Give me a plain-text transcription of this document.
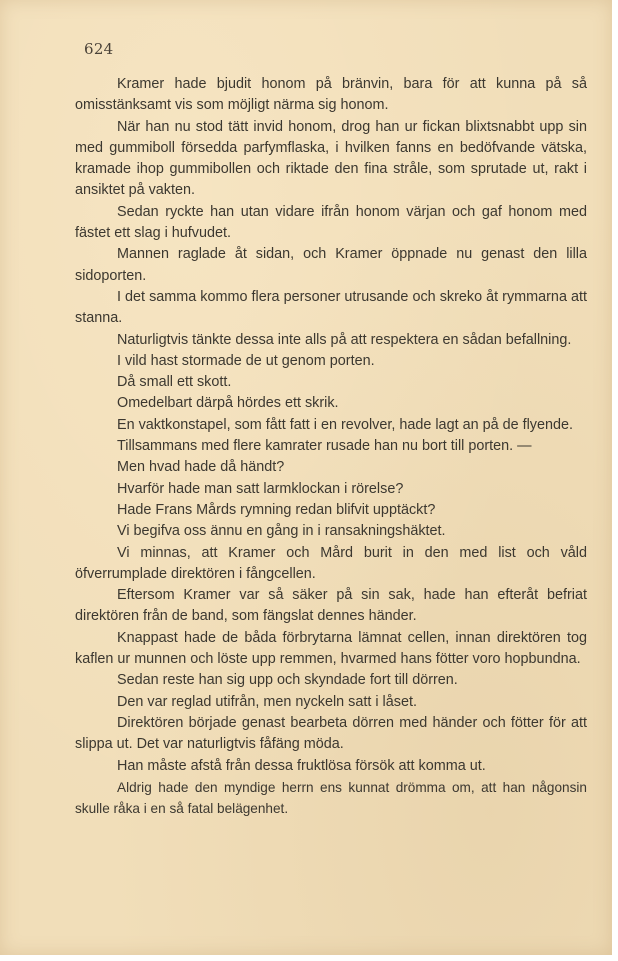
624

Kramer hade bjudit honom på bränvin, bara för att kunna på så omisstänksamt vis som möjligt närma sig honom.

När han nu stod tätt invid honom, drog han ur fickan blixtsnabbt upp sin med gummiboll försedda parfymflaska, i hvilken fanns en bedöfvande vätska, kramade ihop gummibollen och riktade den fina stråle, som sprutade ut, rakt i ansiktet på vakten.

Sedan ryckte han utan vidare ifrån honom värjan och gaf honom med fästet ett slag i hufvudet.

Mannen raglade åt sidan, och Kramer öppnade nu genast den lilla sidoporten.

I det samma kommo flera personer utrusande och skreko åt rymmarna att stanna.

Naturligtvis tänkte dessa inte alls på att respektera en sådan befallning.

I vild hast stormade de ut genom porten.

Då small ett skott.

Omedelbart därpå hördes ett skrik.

En vaktkonstapel, som fått fatt i en revolver, hade lagt an på de flyende.

Tillsammans med flere kamrater rusade han nu bort till porten. —

Men hvad hade då händt?

Hvarför hade man satt larmklockan i rörelse?

Hade Frans Mårds rymning redan blifvit upptäckt?

Vi begifva oss ännu en gång in i ransakningshäktet.

Vi minnas, att Kramer och Mård burit in den med list och våld öfverrumplade direktören i fångcellen.

Eftersom Kramer var så säker på sin sak, hade han efteråt befriat direktören från de band, som fängslat dennes händer.

Knappast hade de båda förbrytarna lämnat cellen, innan direktören tog kaflen ur munnen och löste upp remmen, hvarmed hans fötter voro hopbundna.

Sedan reste han sig upp och skyndade fort till dörren.

Den var reglad utifrån, men nyckeln satt i låset.

Direktören började genast bearbeta dörren med händer och fötter för att slippa ut. Det var naturligtvis fåfäng möda.

Han måste afstå från dessa fruktlösa försök att komma ut.

Aldrig hade den myndige herrn ens kunnat drömma om, att han någonsin skulle råka i en så fatal belägenhet.
